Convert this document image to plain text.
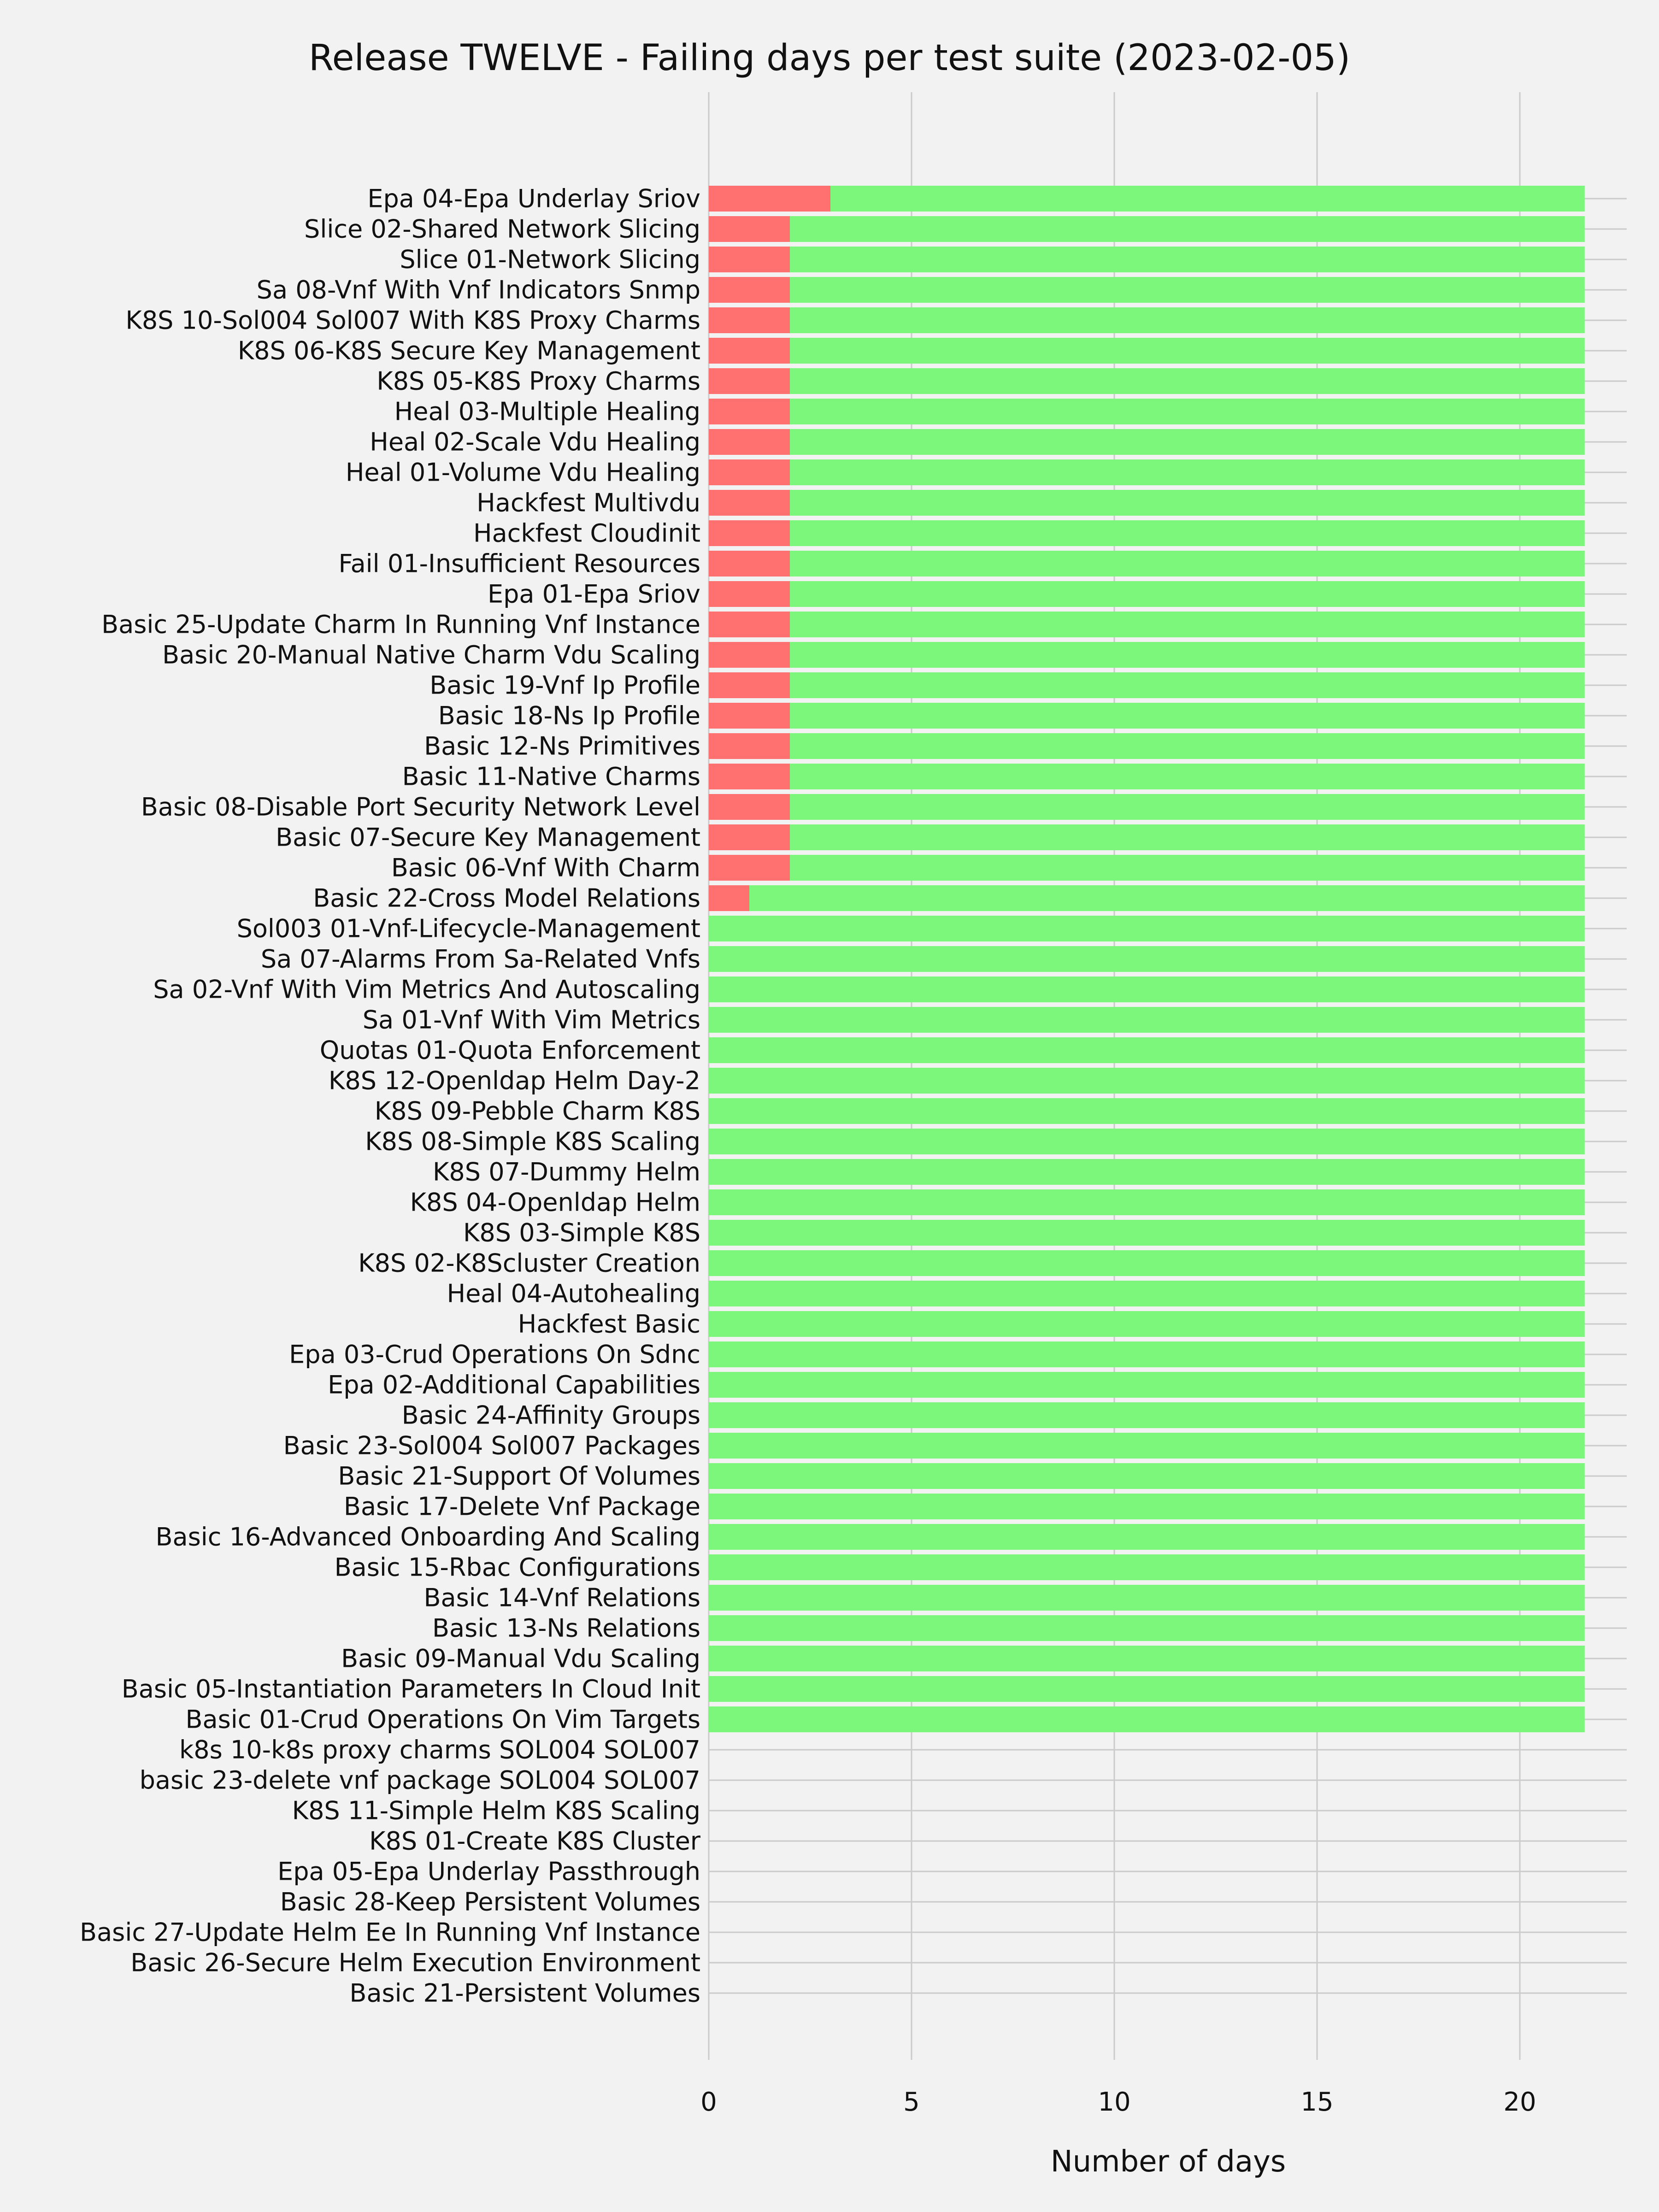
Release TWELVE - Failing days per test suite (2023-02-05)
Epa 04-Epa Underlay Sriov
Slice 02-Shared Network Slicing
Slice 01-Network Slicing
Sa 08-Vnf With Vnf Indicators Snmp
K8S 10-Sol004 Sol007 With K8S Proxy Charms
K8S 06-K8S Secure Key Management
K8S 05-K8S Proxy Charms
Heal 03-Multiple Healing
Heal 02-Scale Vdu Healing
Heal 01-Volume Vdu Healing
Hackfest Multivdu
Hackfest Cloudinit
Fail 01-Insufficient Resources
Epa 01-Epa Sriov
Basic 25-Update Charm In Running Vnf Instance
Basic 20-Manual Native Charm Vdu Scaling
Basic 19-Vnf Ip Profile
Basic 18-Ns Ip Profile
Basic 12-Ns Primitives
Basic 11-Native Charms
Basic 08-Disable Port Security Network Level
Basic 07-Secure Key Management
Basic 06-Vnf With Charm
Basic 22-Cross Model Relations
Sol003 01-Vnf-Lifecycle-Management
Sa 07-Alarms From Sa-Related Vnfs
Sa 02-Vnf With Vim Metrics And Autoscaling
Sa 01-Vnf With Vim Metrics
Quotas 01-Quota Enforcement
K8S 12-Openldap Helm Day-2
K8S 09-Pebble Charm K8S
K8S 08-Simple K8S Scaling
K8S 07-Dummy Helm
K8S 04-Openldap Helm
K8S 03-Simple K8S
K8S 02-K8Scluster Creation
Heal 04-Autohealing
Hackfest Basic
Epa 03-Crud Operations On Sdnc
Epa 02-Additional Capabilities
Basic 24-Affinity Groups
Basic 23-Sol004 Sol007 Packages
Basic 21-Support Of Volumes
Basic 17-Delete Vnf Package
Basic 16-Advanced Onboarding And Scaling
Basic 15-Rbac Configurations
Basic 14-Vnf Relations
Basic 13-Ns Relations
Basic 09-Manual Vdu Scaling
Basic 05-Instantiation Parameters In Cloud Init
Basic 01-Crud Operations On Vim Targets
k8s 10-k8s proxy charms SOL004 SOL007
basic 23-delete vnf package SOL004 SOL007
K8S 11-Simple Helm K8S Scaling
K8S 01-Create K8S Cluster
Epa 05-Epa Underlay Passthrough
Basic 28-Keep Persistent Volumes
Basic 27-Update Helm Ee In Running Vnf Instance
Basic 26-Secure Helm Execution Environment
Basic 21-Persistent Volumes
0	5	10	15	20
Number of days
